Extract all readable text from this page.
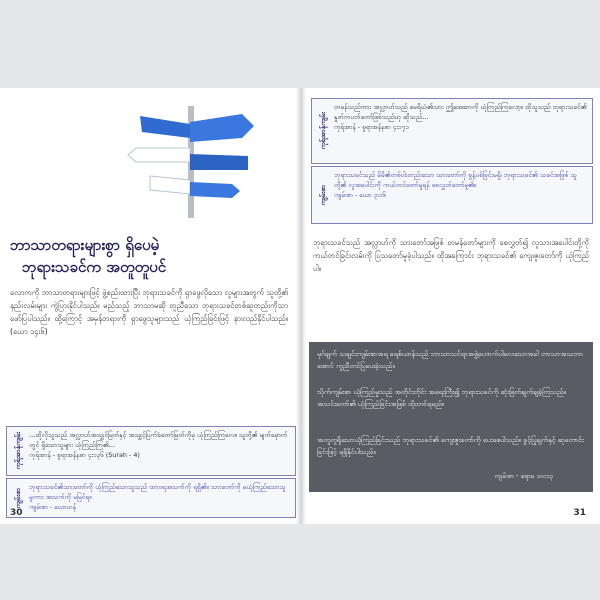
ဘာသာတရားများစွာ ရှိပေမဲ့
ဘုရားသခင်က အတူတူပင်
လောကကို ဘာသာတရားများဖြင့် ဖွဲ့စည်းထားပြီး ဘုရားသခင်ကို ရှာဖွေလိုသော လူများအတွက် သူတို့၏ နည်းလမ်းများ ကွဲပြားနိုင်ပါသည်။ မည်သည့် ဘာသာမဆို တူညီသော ဘုရားသခင်တစ်ဆူတည်းကိုသာ ဖော်ပြပါသည်။ ထို့ကြောင့် အမှန်တရားကို ရှာဖွေသူများသည် ယုံကြည်ခြင်းဖြင့် နားလည်နိုင်ပါသည်။ (ယော ၁၄း၆)
ကုရ်အာန်ကျမ်း ...ထိုလိုသူသည် အလ္လာဟ်အသျှင်မြတ်နှင့် အသျှင့်ပြက်ခံတော်မြတ်ကိုမှ ယုံကြည်ကြလေ။ သူတို့၏ မျက်မှောက်တွင် ရှိသောသူများ ယုံကြည်ကြ၏...
ကုရ်အာန် - စူရာအန်နစာ ၄း၁၃၆ (Surah - 4)
ကျမ်းစာ
ဘုရားသခင်၏သားတော်ကို ယုံကြည်သောသူသည် ထာဝရအသက်ကို ရရှိ၏။ သားတော်ကို မယုံကြည်သောသူမူကား အသက်ကို မမြင်ရ။
ကျမ်းစာ - ယောဟန်
30
ကုရ်အာန်ကျမ်း
တမန်သည်ကား အလ္လာဟ်သည် မေရိယံ၏သား ဤအေဆာကို ယုံကြည်ကြလော့။ ထိုသူသည် ဘုရားသခင်၏ နှုတ်ကပတ်တော်ဖြစ်သည်ဟု ဆိုသည်...
ကုရ်အာန် - စူရာအန်နစာ ၄း၁၇၁
ကျမ်းစာ
ဘုရားသခင်သည် မိမိ၏တစ်ပါးတည်းသော သားတော်ကို စွန့်ပစ်ခြင်းမရှိ၊ ဘုရားသခင်၏ သခင်အဖြစ် သူတို့၏ လူအပေါင်းကို ကယ်တင်တော်မူရန် စေလွှတ်တော်မူ၏။
ကျမ်းစာ - ယော ၃း၁၆
ဘုရားသခင်သည် အလ္လာဟ်ကို သားတော်အဖြစ် တမန်တော်များကို စေလွှတ်၍ လူသားအပေါင်းတို့ကို ကယ်တင်ခြင်းလမ်းကို ပြသတော်မူခဲ့ပါသည်။ ထိုအကြောင်း ဘုရားသခင်၏ ကျေးဇူးတော်ကို ယုံကြည်ပါ။
မုဂ်ချက် သချင်းကျမ်းစာအရ ခရစ်ယာန်သည် ဘာသာသင်ရာအဖွဲ့ဟောက်ပါလေသောအခါ ဘာသာအသဘာအောင် ကူညီတင်ပြပေးခဲ့သည်။
သိုက်ကျမ်းစာ ယုံကြည်မှုသည် အတိုင်းတိုင်း အရေးကြီး၍ ဘုရားသခင်ကို ဆုံးဖြတ်ချက်ချခဲ့ကြသည်။ အသင်းတော်၏ ယုံကြည်ခြင်းအဖြစ် ထိုးတင်ရမည်။
အတူတူရှိသောယုံကြည်ခြင်းသည် ဘုရားသခင်၏ ကျေးဇူးတော်ကို ပေးစေပါသည်။ ခွင့်ပြုချက်နှင့် ဆုတောင်းခြင်းဖြင့် ရရှိနိုင်ပါသည်။
ကျမ်းစာ - ရောမ ၁၀း၁၃
31
